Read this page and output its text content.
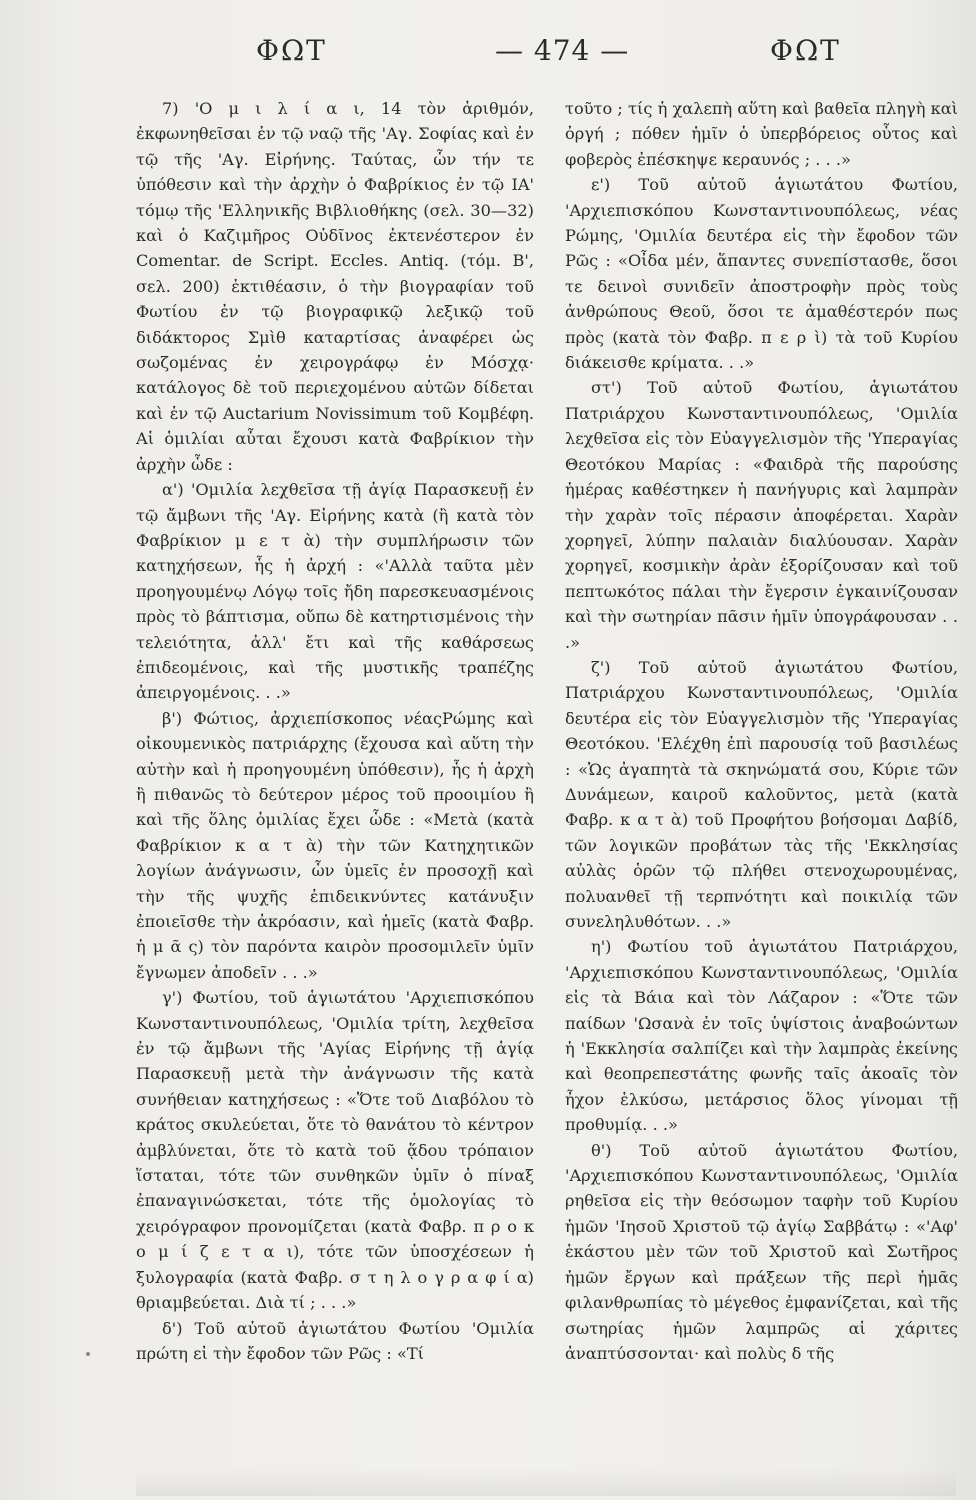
ΦΩΤ	— 474 —	ΦΩΤ

7) 'Ο μ ι λ ί α ι, 14 τὸν ἀριθμόν, ἐκφωνηθεῖσαι ἐν τῷ ναῷ τῆς 'Αγ. Σοφίας καὶ ἐν τῷ τῆς 'Αγ. Εἰρήνης. Ταύτας, ὧν τήν τε ὑπόθεσιν καὶ τὴν ἀρχὴν ὁ Φαβρίκιος ἐν τῷ ΙΑ' τόμῳ τῆς 'Ελληνικῆς Βιβλιοθήκης (σελ. 30—32) καὶ ὁ Καζιμῆρος Οὐδῖνος ἐκτενέστερον ἐν Comentar. de Script. Eccles. Antiq. (τόμ. Β', σελ. 200) ἐκτιθέασιν, ὁ τὴν βιογραφίαν τοῦ Φωτίου ἐν τῷ βιογραφικῷ λεξικῷ τοῦ διδάκτορος Σμὶθ καταρτίσας ἀναφέρει ὡς σωζομένας ἐν χειρογράφῳ ἐν Μόσχᾳ· κατάλογος δὲ τοῦ περιεχομένου αὐτῶν δίδεται καὶ ἐν τῷ Auctarium Novissimum τοῦ Κομβέφη. Αἱ ὁμιλίαι αὗται ἔχουσι κατὰ Φαβρίκιον τὴν ἀρχὴν ὧδε :

α') 'Ομιλία λεχθεῖσα τῇ ἁγίᾳ Παρασκευῇ ἐν τῷ ἄμβωνι τῆς 'Αγ. Εἰρήνης κατὰ (ἢ κατὰ τὸν Φαβρίκιον μ ε τ ὰ) τὴν συμπλήρωσιν τῶν κατηχήσεων, ἧς ἡ ἀρχή : «'Αλλὰ ταῦτα μὲν προηγουμένῳ Λόγῳ τοῖς ἤδη παρεσκευασμένοις πρὸς τὸ βάπτισμα, οὔπω δὲ κατηρτισμένοις τὴν τελειότητα, ἀλλ' ἔτι καὶ τῆς καθάρσεως ἐπιδεομένοις, καὶ τῆς μυστικῆς τραπέζης ἀπειργομένοις. . .»

β') Φώτιος, ἀρχιεπίσκοπος νέαςΡώμης καὶ οἰκουμενικὸς πατριάρχης (ἔχουσα καὶ αὕτη τὴν αὐτὴν καὶ ἡ προηγουμένη ὑπόθεσιν), ἧς ἡ ἀρχὴ ἢ πιθανῶς τὸ δεύτερον μέρος τοῦ προοιμίου ἢ καὶ τῆς ὅλης ὁμιλίας ἔχει ὧδε : «Μετὰ (κατὰ Φαβρίκιον κ α τ ὰ) τὴν τῶν Κατηχητικῶν λογίων ἀνάγνωσιν, ὧν ὑμεῖς ἐν προσοχῇ καὶ τὴν τῆς ψυχῆς ἐπιδεικνύντες κατάνυξιν ἐποιεῖσθε τὴν ἀκρόασιν, καὶ ἡμεῖς (κατὰ Φαβρ. ἡ μ ᾶ ς) τὸν παρόντα καιρὸν προσομιλεῖν ὑμῖν ἔγνωμεν ἀποδεῖν . . .»

γ') Φωτίου, τοῦ ἁγιωτάτου 'Αρχιεπισκόπου Κωνσταντινουπόλεως, 'Ομιλία τρίτη, λεχθεῖσα ἐν τῷ ἄμβωνι τῆς 'Αγίας Εἰρήνης τῇ ἁγίᾳ Παρασκευῇ μετὰ τὴν ἀνάγνωσιν τῆς κατὰ συνήθειαν κατηχήσεως : «Ὅτε τοῦ Διαβόλου τὸ κράτος σκυλεύεται, ὅτε τὸ θανάτου τὸ κέντρον ἀμβλύνεται, ὅτε τὸ κατὰ τοῦ ᾅδου τρόπαιον ἵσταται, τότε τῶν συνθηκῶν ὑμῖν ὁ πίναξ ἐπαναγινώσκεται, τότε τῆς ὁμολογίας τὸ χειρόγραφον προνομίζεται (κατὰ Φαβρ. π ρ ο κ ο μ ί ζ ε τ α ι), τότε τῶν ὑποσχέσεων ἡ ξυλογραφία (κατὰ Φαβρ. σ τ η λ ο γ ρ α φ ί α) θριαμβεύεται. Διὰ τί ; . . .»

δ') Τοῦ αὐτοῦ ἁγιωτάτου Φωτίου 'Ομιλία πρώτη εἰ τὴν ἔφοδον τῶν Ρῶς : «Τί

τοῦτο ; τίς ἡ χαλεπὴ αὕτη καὶ βαθεῖα πληγὴ καὶ ὀργή ; πόθεν ἡμῖν ὁ ὑπερβόρειος οὗτος καὶ φοβερὸς ἐπέσκηψε κεραυνός ; . . .»

ε') Τοῦ αὐτοῦ ἁγιωτάτου Φωτίου, 'Αρχιεπισκόπου Κωνσταντινουπόλεως, νέας Ρώμης, 'Ομιλία δευτέρα εἰς τὴν ἔφοδον τῶν Ρῶς : «Οἶδα μέν, ἅπαντες συνεπίστασθε, ὅσοι τε δεινοὶ συνιδεῖν ἀποστροφὴν πρὸς τοὺς ἀνθρώπους Θεοῦ, ὅσοι τε ἀμαθέστερόν πως πρὸς (κατὰ τὸν Φαβρ. π ε ρ ὶ) τὰ τοῦ Κυρίου διάκεισθε κρίματα. . .»

στ') Τοῦ αὐτοῦ Φωτίου, ἁγιωτάτου Πατριάρχου Κωνσταντινουπόλεως, 'Ομιλία λεχθεῖσα εἰς τὸν Εὐαγγελισμὸν τῆς 'Υπεραγίας Θεοτόκου Μαρίας : «Φαιδρὰ τῆς παρούσης ἡμέρας καθέστηκεν ἡ πανήγυρις καὶ λαμπρὰν τὴν χαρὰν τοῖς πέρασιν ἀποφέρεται. Χαρὰν χορηγεῖ, λύπην παλαιὰν διαλύουσαν. Χαρὰν χορηγεῖ, κοσμικὴν ἀρὰν ἐξορίζουσαν καὶ τοῦ πεπτωκότος πάλαι τὴν ἔγερσιν ἐγκαινίζουσαν καὶ τὴν σωτηρίαν πᾶσιν ἡμῖν ὑπογράφουσαν . . .»

ζ') Τοῦ αὐτοῦ ἁγιωτάτου Φωτίου, Πατριάρχου Κωνσταντινουπόλεως, 'Ομιλία δευτέρα εἰς τὸν Εὐαγγελισμὸν τῆς 'Υπεραγίας Θεοτόκου. 'Ελέχθη ἐπὶ παρουσίᾳ τοῦ βασιλέως : «Ὡς ἀγαπητὰ τὰ σκηνώματά σου, Κύριε τῶν Δυνάμεων, καιροῦ καλοῦντος, μετὰ (κατὰ Φαβρ. κ α τ ὰ) τοῦ Προφήτου βοήσομαι Δαβίδ, τῶν λογικῶν προβάτων τὰς τῆς 'Εκκλησίας αὐλὰς ὁρῶν τῷ πλήθει στενοχωρουμένας, πολυανθεῖ τῇ τερπνότητι καὶ ποικιλίᾳ τῶν συνεληλυθότων. . .»

η') Φωτίου τοῦ ἁγιωτάτου Πατριάρχου, 'Αρχιεπισκόπου Κωνσταντινουπόλεως, 'Ομιλία εἰς τὰ Βάια καὶ τὸν Λάζαρον : «Ὅτε τῶν παίδων 'Ωσανὰ ἐν τοῖς ὑψίστοις ἀναβοώντων ἡ 'Εκκλησία σαλπίζει καὶ τὴν λαμπρὰς ἐκείνης καὶ θεοπρεπεστάτης φωνῆς ταῖς ἀκοαῖς τὸν ἦχον ἑλκύσω, μετάρσιος ὅλος γίνομαι τῇ προθυμίᾳ. . .»

θ') Τοῦ αὐτοῦ ἁγιωτάτου Φωτίου, 'Αρχιεπισκόπου Κωνσταντινουπόλεως, 'Ομιλία ρηθεῖσα εἰς τὴν θεόσωμον ταφὴν τοῦ Κυρίου ἡμῶν 'Ιησοῦ Χριστοῦ τῷ ἁγίῳ Σαββάτῳ : «'Αφ' ἑκάστου μὲν τῶν τοῦ Χριστοῦ καὶ Σωτῆρος ἡμῶν ἔργων καὶ πράξεων τῆς περὶ ἡμᾶς φιλανθρωπίας τὸ μέγεθος ἐμφανίζεται, καὶ τῆς σωτηρίας ἡμῶν λαμπρῶς αἱ χάριτες ἀναπτύσσονται· καὶ πολὺς δ τῆς
